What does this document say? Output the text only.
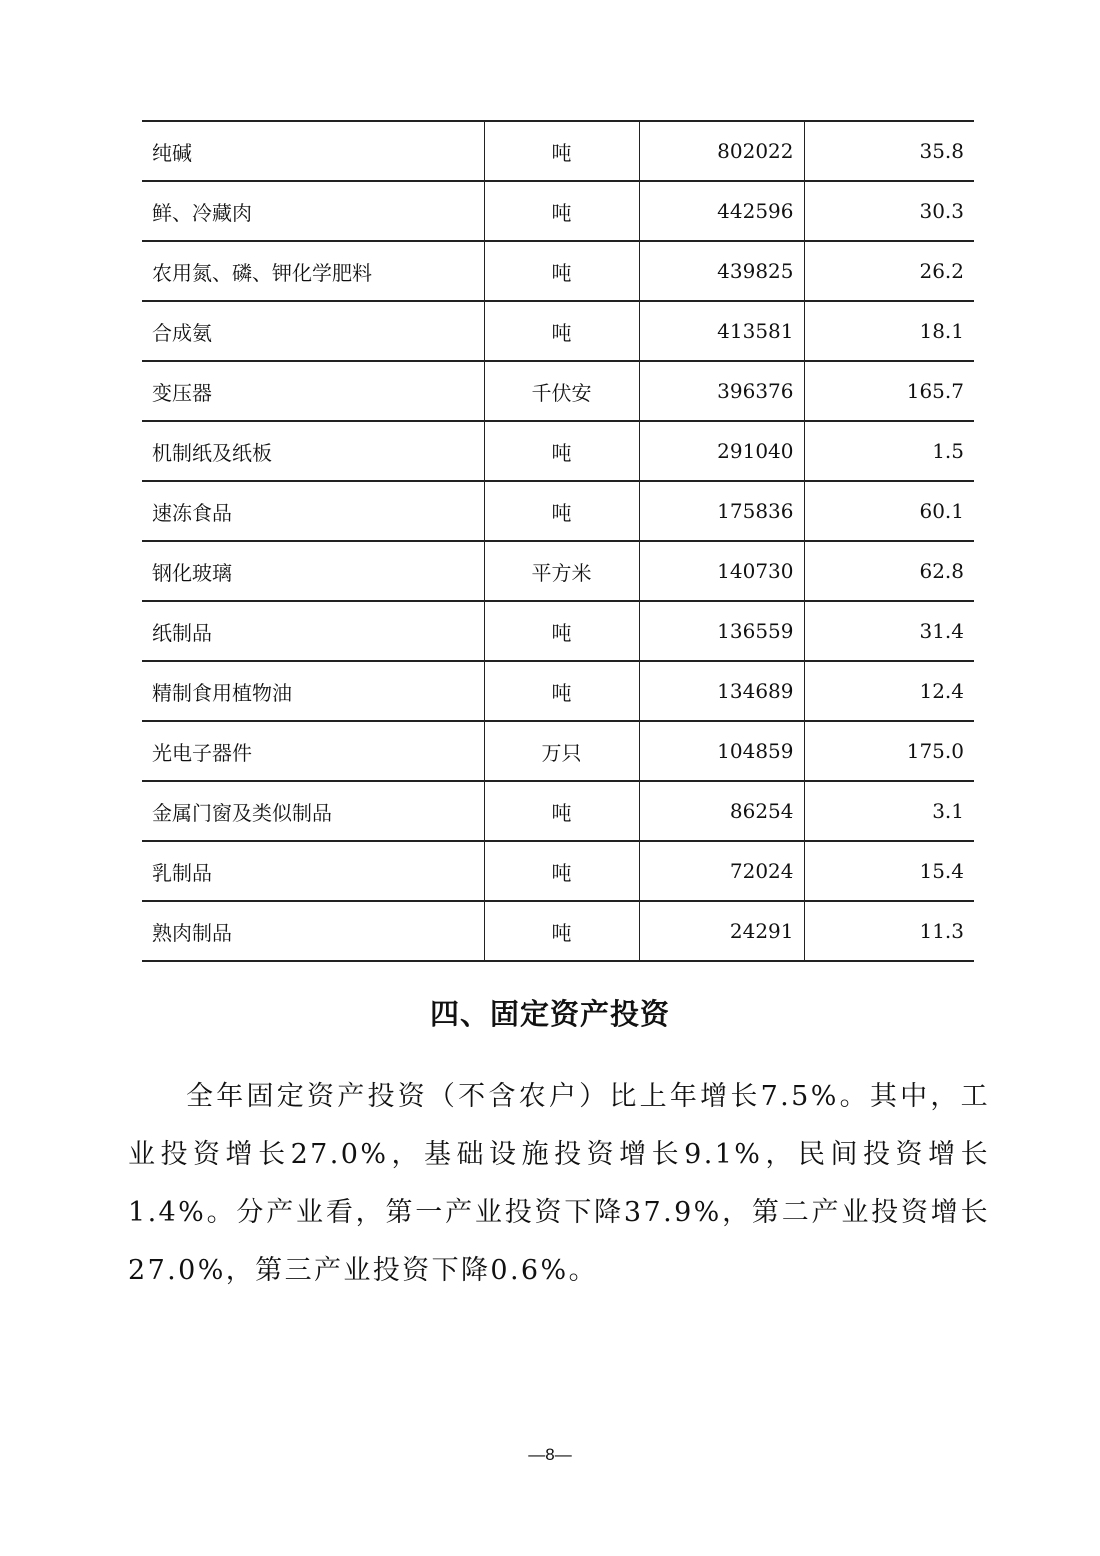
纯碱	吨	802022	35.8
鲜、冷藏肉	吨	442596	30.3
农用氮、磷、钾化学肥料	吨	439825	26.2
合成氨	吨	413581	18.1
变压器	千伏安	396376	165.7
机制纸及纸板	吨	291040	1.5
速冻食品	吨	175836	60.1
钢化玻璃	平方米	140730	62.8
纸制品	吨	136559	31.4
精制食用植物油	吨	134689	12.4
光电子器件	万只	104859	175.0
金属门窗及类似制品	吨	86254	3.1
乳制品	吨	72024	15.4
熟肉制品	吨	24291	11.3
四、固定资产投资

全年固定资产投资（不含农户）比上年增长7.5%。其中，工业投资增长27.0%，基础设施投资增长9.1%，民间投资增长1.4%。分产业看，第一产业投资下降37.9%，第二产业投资增长27.0%，第三产业投资下降0.6%。

—8—
